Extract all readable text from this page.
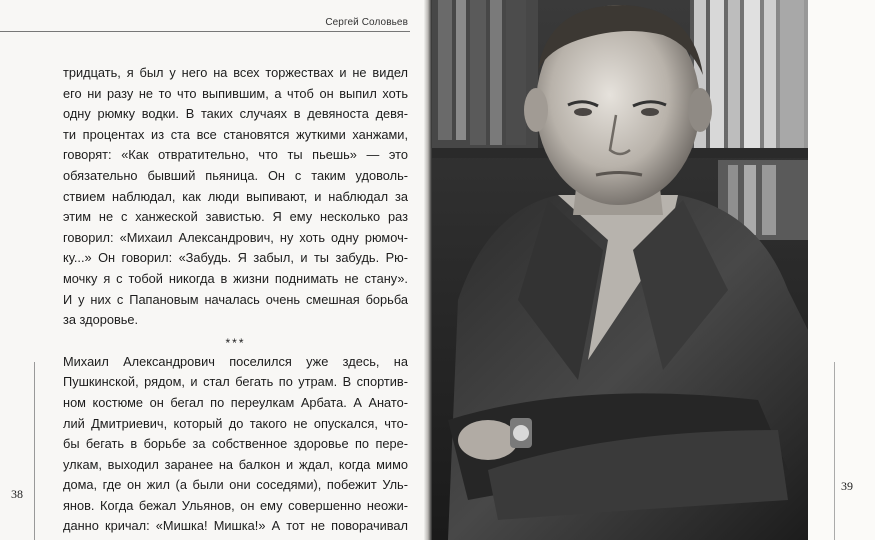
Сергей Соловьев
тридцать, я был у него на всех торжествах и не видел
его ни разу не то что выпившим, а чтоб он выпил хоть
одну рюмку водки. В таких случаях в девяноста девя-
ти процентах из ста все становятся жуткими ханжами,
говорят: «Как отвратительно, что ты пьешь» — это
обязательно бывший пьяница. Он с таким удоволь-
ствием наблюдал, как люди выпивают, и наблюдал за
этим не с ханжеской завистью. Я ему несколько раз
говорил: «Михаил Александрович, ну хоть одну рюмоч-
ку...» Он говорил: «Забудь. Я забыл, и ты забудь. Рю-
мочку я с тобой никогда в жизни поднимать не стану».
И у них с Папановым началась очень смешная борьба
за здоровье.
***
Михаил Александрович поселился уже здесь, на
Пушкинской, рядом, и стал бегать по утрам. В спортив-
ном костюме он бегал по переулкам Арбата. А Анато-
лий Дмитриевич, который до такого не опускался, что-
бы бегать в борьбе за собственное здоровье по пере-
улкам, выходил заранее на балкон и ждал, когда мимо
дома, где он жил (а были они соседями), побежит Уль-
янов. Когда бежал Ульянов, он ему совершенно неожи-
данно кричал: «Мишка! Мишка!» А тот не поворачивал
38
39
